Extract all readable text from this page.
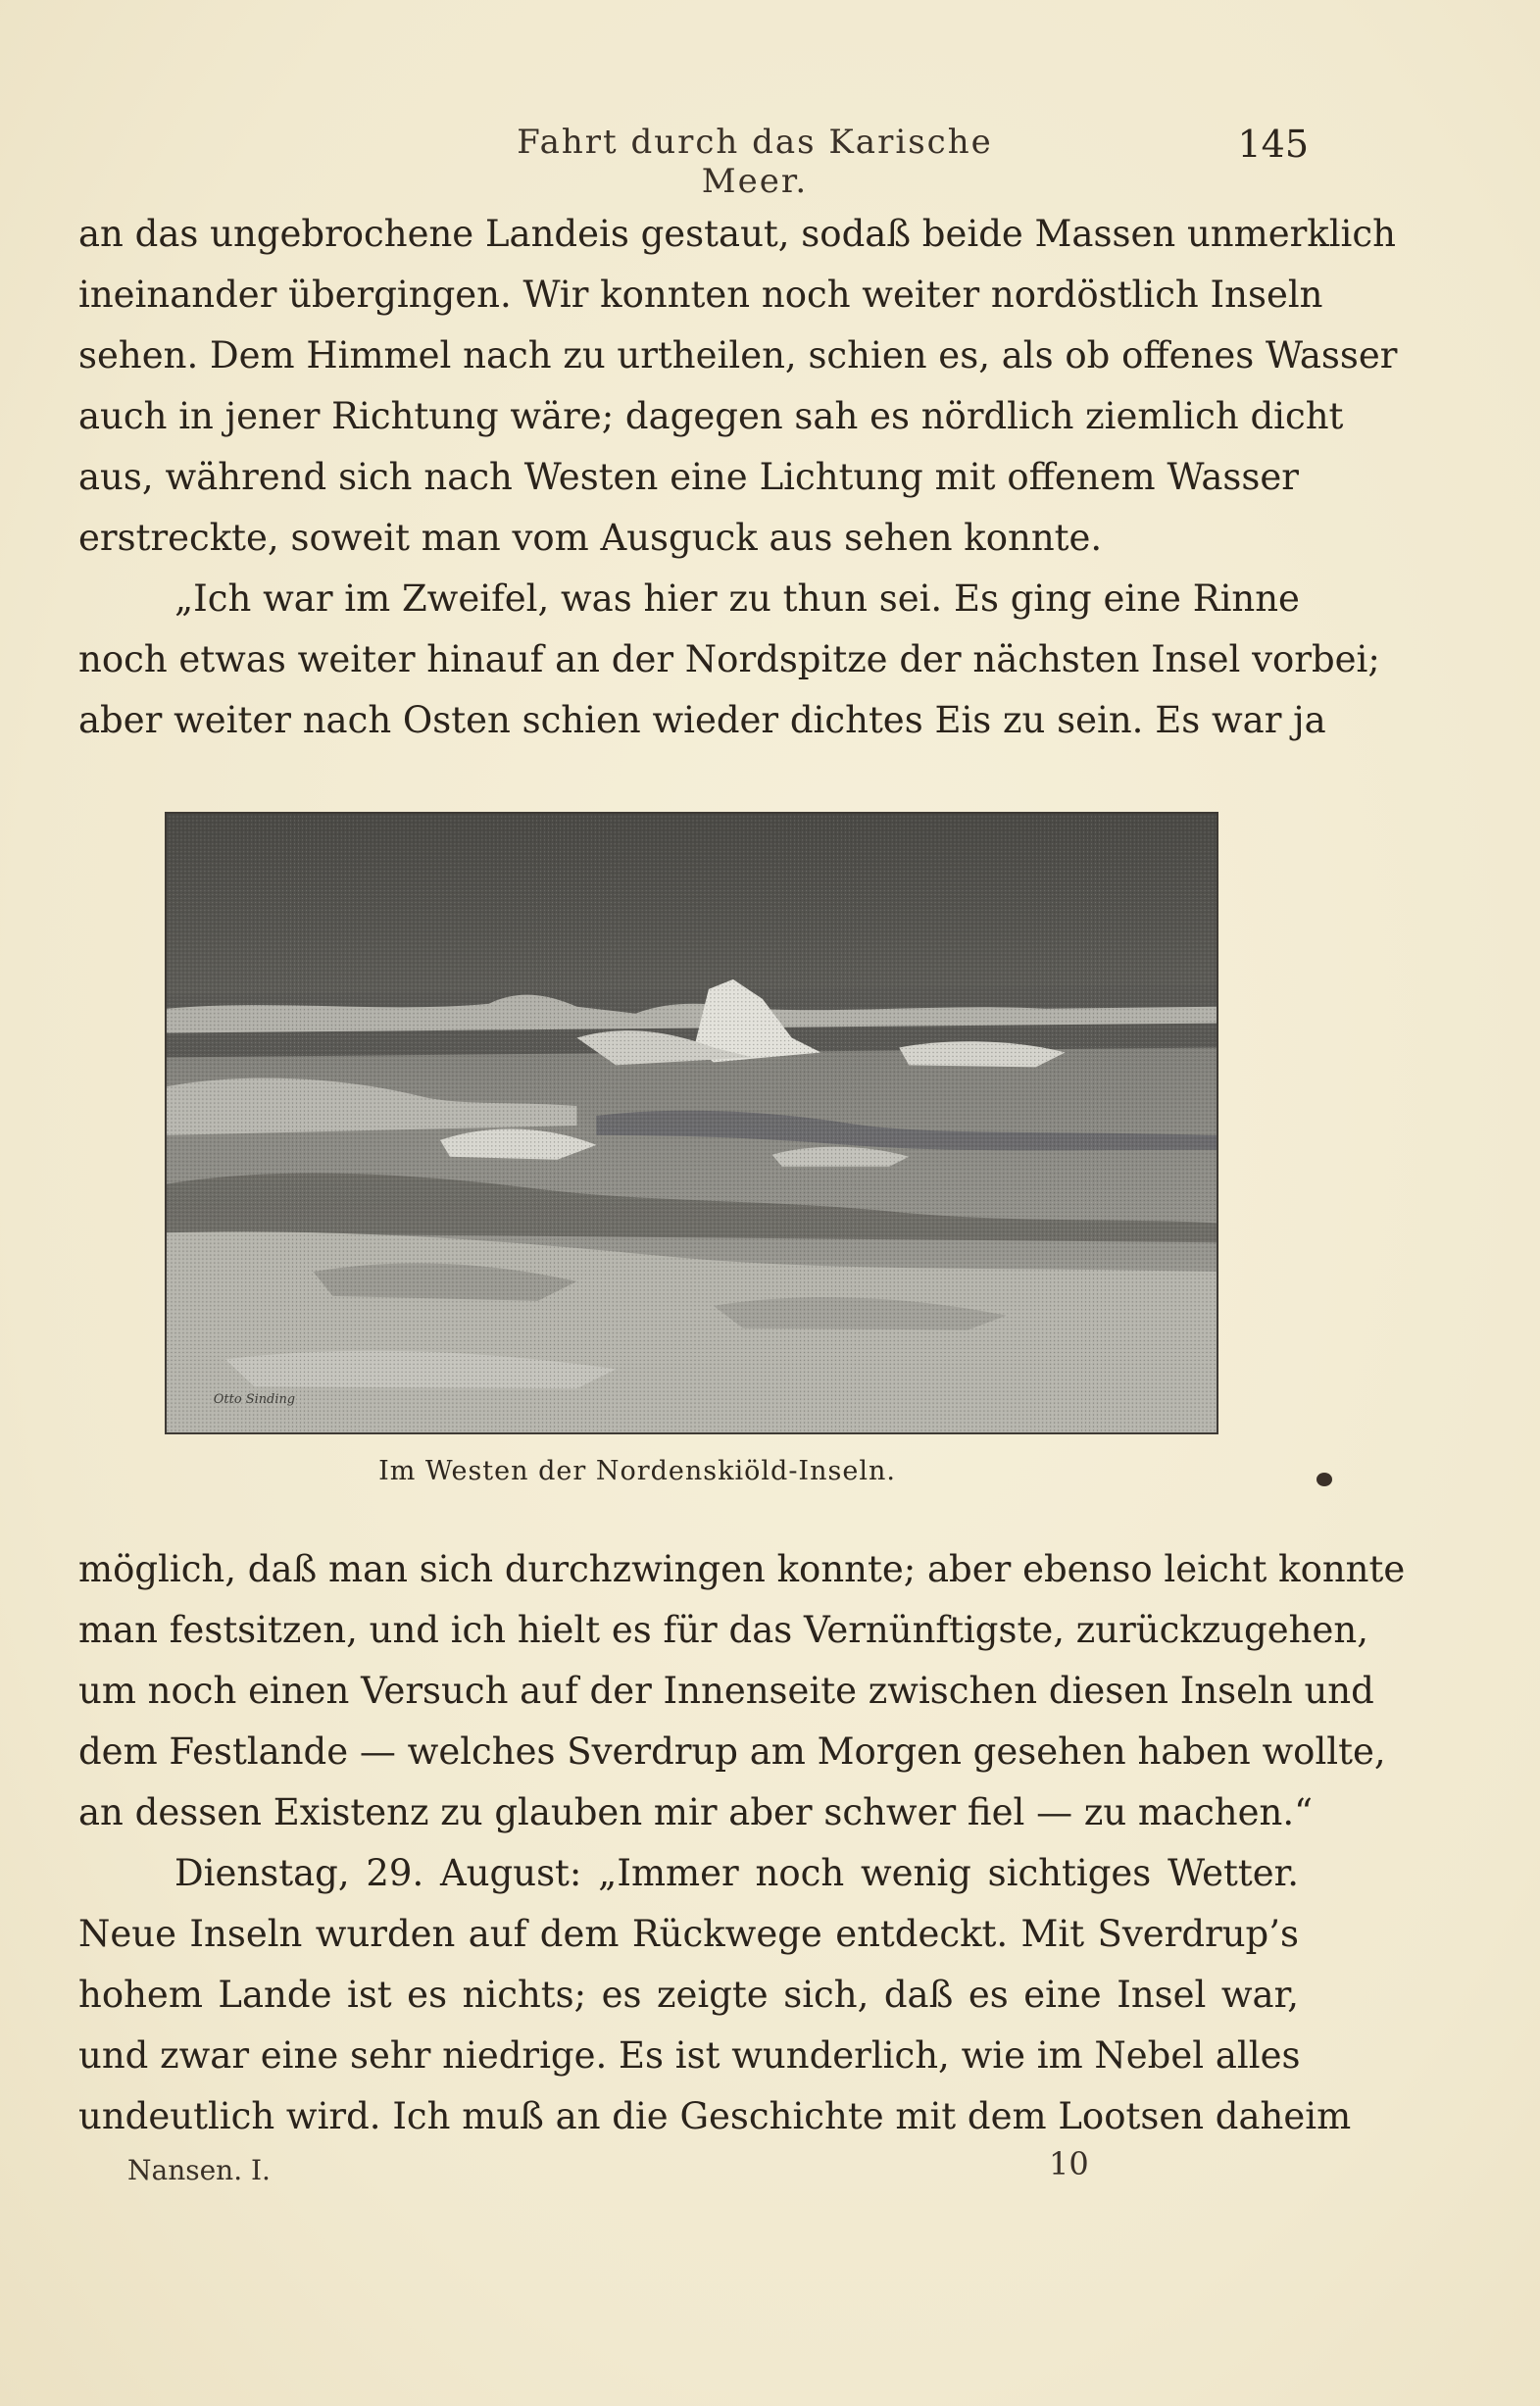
Fahrt durch das Karische Meer.
145
an das ungebrochene Landeis gestaut, sodaß beide Massen unmerklich
ineinander übergingen. Wir konnten noch weiter nordöstlich Inseln
sehen. Dem Himmel nach zu urtheilen, schien es, als ob offenes Wasser
auch in jener Richtung wäre; dagegen sah es nördlich ziemlich dicht
aus, während sich nach Westen eine Lichtung mit offenem Wasser
erstreckte, soweit man vom Ausguck aus sehen konnte.
„Ich war im Zweifel, was hier zu thun sei. Es ging eine Rinne
noch etwas weiter hinauf an der Nordspitze der nächsten Insel vorbei;
aber weiter nach Osten schien wieder dichtes Eis zu sein. Es war ja
Otto Sinding
Im Westen der Nordenskiöld-Inseln.
möglich, daß man sich durchzwingen konnte; aber ebenso leicht konnte
man festsitzen, und ich hielt es für das Vernünftigste, zurückzugehen,
um noch einen Versuch auf der Innenseite zwischen diesen Inseln und
dem Festlande — welches Sverdrup am Morgen gesehen haben wollte,
an dessen Existenz zu glauben mir aber schwer fiel — zu machen.“
Dienstag, 29. August: „Immer noch wenig sichtiges Wetter.
Neue Inseln wurden auf dem Rückwege entdeckt. Mit Sverdrup’s
hohem Lande ist es nichts; es zeigte sich, daß es eine Insel war,
und zwar eine sehr niedrige. Es ist wunderlich, wie im Nebel alles
undeutlich wird. Ich muß an die Geschichte mit dem Lootsen daheim
Nansen. I.	10
